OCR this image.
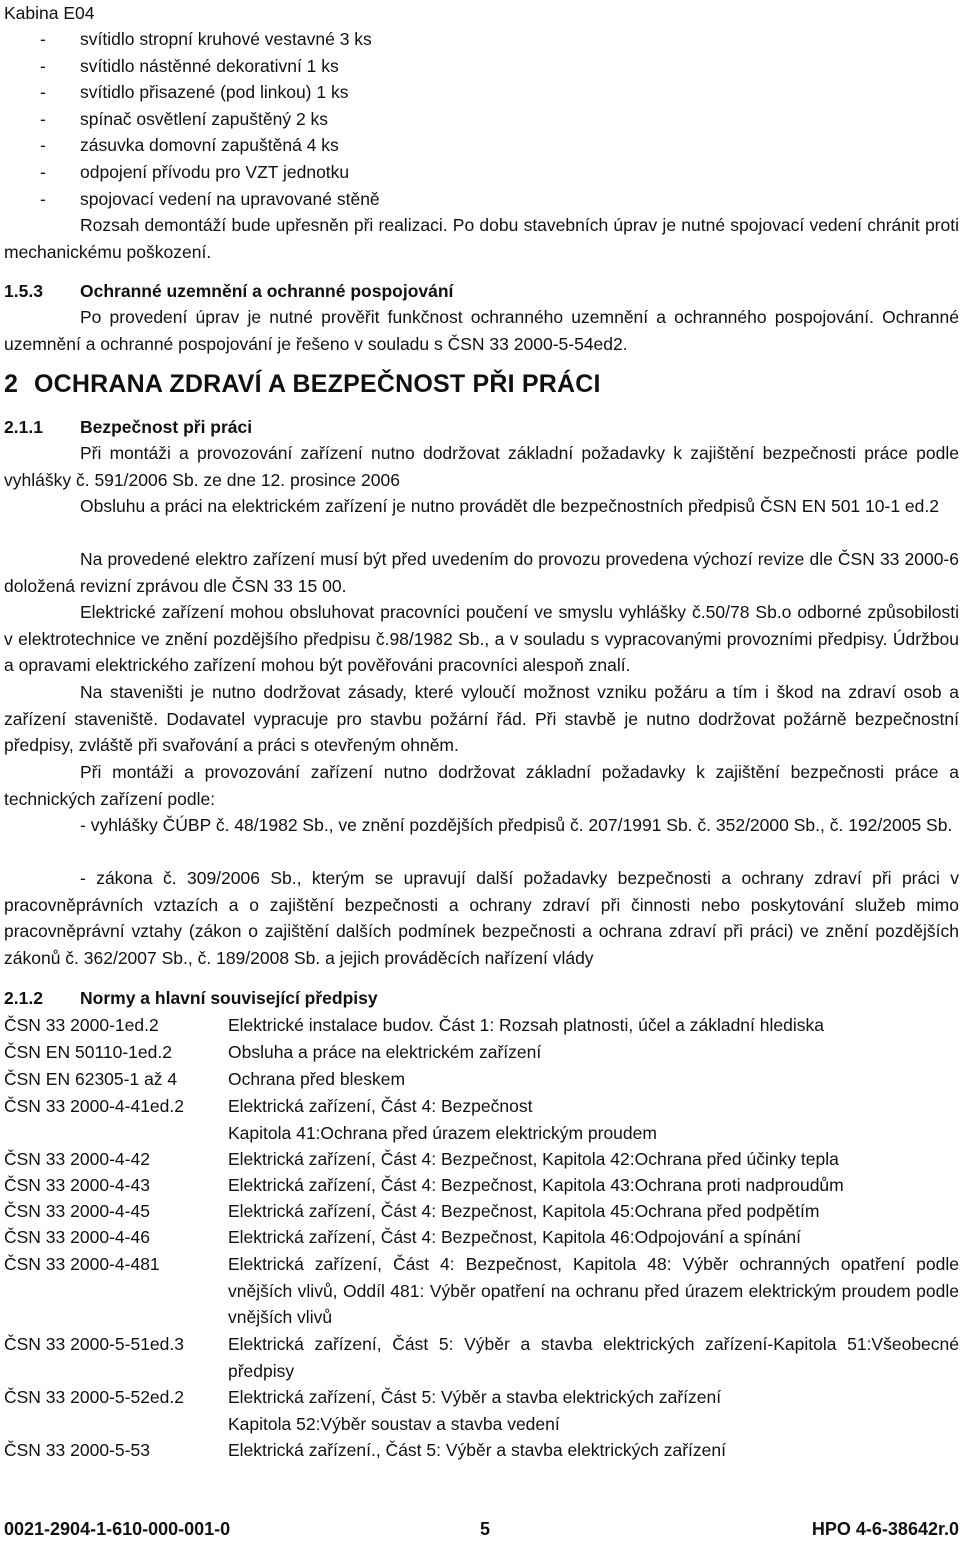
Kabina E04
- svítidlo stropní kruhové vestavné 3 ks
- svítidlo nástěnné dekorativní 1 ks
- svítidlo přisazené (pod linkou) 1 ks
- spínač osvětlení zapuštěný 2 ks
- zásuvka domovní zapuštěná 4 ks
- odpojení přívodu pro VZT jednotku
- spojovací vedení na upravované stěně

Rozsah demontáží bude upřesněn při realizaci. Po dobu stavebních úprav je nutné spojovací vedení chránit proti mechanickému poškození.

1.5.3 Ochranné uzemnění a ochranné pospojování

Po provedení úprav je nutné prověřit funkčnost ochranného uzemnění a ochranného pospojování. Ochranné uzemnění a ochranné pospojování je řešeno v souladu s ČSN 33 2000-5-54ed2.

2 OCHRANA ZDRAVÍ A BEZPEČNOST PŘI PRÁCI
2.1.1 Bezpečnost při práci

Při montáži a provozování zařízení nutno dodržovat základní požadavky k zajištění bezpečnosti práce podle vyhlášky č. 591/2006 Sb. ze dne 12. prosince 2006

Obsluhu a práci na elektrickém zařízení je nutno provádět dle bezpečnostních předpisů ČSN EN 501 10-1 ed.2

Na provedené elektro zařízení musí být před uvedením do provozu provedena výchozí revize dle ČSN 33 2000-6 doložená revizní zprávou dle ČSN 33 15 00.

Elektrické zařízení mohou obsluhovat pracovníci poučení ve smyslu vyhlášky č.50/78 Sb.o odborné způsobilosti v elektrotechnice ve znění pozdějšího předpisu č.98/1982 Sb., a v souladu s vypracovanými provozními předpisy. Údržbou a opravami elektrického zařízení mohou být pověřováni pracovníci alespoň znalí.

Na staveništi je nutno dodržovat zásady, které vyloučí možnost vzniku požáru a tím i škod na zdraví osob a zařízení staveniště. Dodavatel vypracuje pro stavbu požární řád. Při stavbě je nutno dodržovat požárně bezpečnostní předpisy, zvláště při svařování a práci s otevřeným ohněm.

Při montáži a provozování zařízení nutno dodržovat základní požadavky k zajištění bezpečnosti práce a technických zařízení podle:

- vyhlášky ČÚBP č. 48/1982 Sb., ve znění pozdějších předpisů č. 207/1991 Sb. č. 352/2000 Sb., č. 192/2005 Sb.

- zákona č. 309/2006 Sb., kterým se upravují další požadavky bezpečnosti a ochrany zdraví při práci v pracovněprávních vztazích a o zajištění bezpečnosti a ochrany zdraví při činnosti nebo poskytování služeb mimo pracovněprávní vztahy (zákon o zajištění dalších podmínek bezpečnosti a ochrana zdraví při práci) ve znění pozdějších zákonů č. 362/2007 Sb., č. 189/2008 Sb. a jejich prováděcích nařízení vlády

2.1.2 Normy a hlavní související předpisy
ČSN 33 2000-1ed.2	Elektrické instalace budov. Část 1: Rozsah platnosti, účel a základní hlediska
ČSN EN 50110-1ed.2	Obsluha a práce na elektrickém zařízení
ČSN EN 62305-1 až 4	Ochrana před bleskem
ČSN 33 2000-4-41ed.2	Elektrická zařízení, Část 4: Bezpečnost
Kapitola 41:Ochrana před úrazem elektrickým proudem
ČSN 33 2000-4-42	Elektrická zařízení, Část 4: Bezpečnost, Kapitola 42:Ochrana před účinky tepla
ČSN 33 2000-4-43	Elektrická zařízení, Část 4: Bezpečnost, Kapitola 43:Ochrana proti nadproudům
ČSN 33 2000-4-45	Elektrická zařízení, Část 4: Bezpečnost, Kapitola 45:Ochrana před podpětím
ČSN 33 2000-4-46	Elektrická zařízení, Část 4: Bezpečnost, Kapitola 46:Odpojování a spínání
ČSN 33 2000-4-481	Elektrická zařízení, Část 4: Bezpečnost, Kapitola 48: Výběr ochranných opatření podle vnějších vlivů, Oddíl 481: Výběr opatření na ochranu před úrazem elektrickým proudem podle vnějších vlivů
ČSN 33 2000-5-51ed.3	Elektrická zařízení, Část 5: Výběr a stavba elektrických zařízení-Kapitola 51:Všeobecné předpisy
ČSN 33 2000-5-52ed.2	Elektrická zařízení, Část 5: Výběr a stavba elektrických zařízení
Kapitola 52:Výběr soustav a stavba vedení
ČSN 33 2000-5-53	Elektrická zařízení., Část 5: Výběr a stavba elektrických zařízení
0021-2904-1-610-000-001-0	5	HPO 4-6-38642r.0
